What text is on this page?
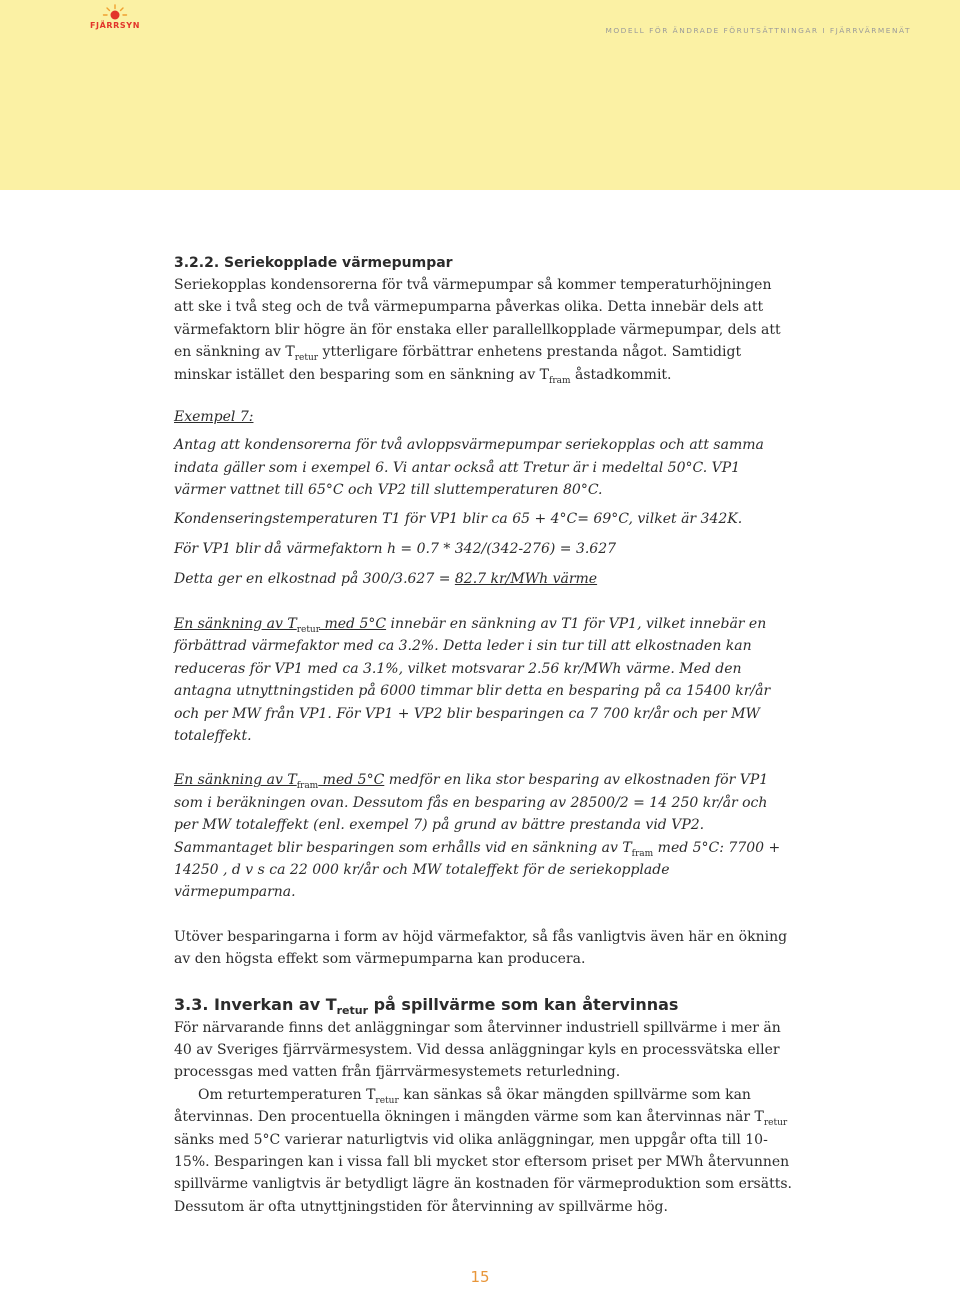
FJÄRRSYN
MODELL FÖR ÄNDRADE FÖRUTSÄTTNINGAR I FJÄRRVÄRMENÄT
3.2.2. Seriekopplade värmepumpar

Seriekopplas kondensorerna för två värmepumpar så kommer temperaturhöjningen att ske i två steg och de två värmepumparna påverkas olika. Detta innebär dels att värmefaktorn blir högre än för enstaka eller parallellkopplade värmepumpar, dels att en sänkning av $T_{retur}$ ytterligare förbättrar enhetens prestanda något. Samtidigt minskar istället den besparing som en sänkning av $T_{fram}$ åstadkommit.

Exempel 7:

Antag att kondensorerna för två avloppsvärmepumpar seriekopplas och att samma indata gäller som i exempel 6. Vi antar också att Tretur är i medeltal 50°C. VP1 värmer vattnet till 65°C och VP2 till sluttemperaturen 80°C.

Kondenseringstemperaturen T1 för VP1 blir ca 65 + 4°C= 69°C, vilket är 342K.

För VP1 blir då värmefaktorn h = 0.7 * 342/(342-276) = 3.627

Detta ger en elkostnad på 300/3.627 = 82.7 kr/MWh värme

En sänkning av $T_{retur}$ med 5°C innebär en sänkning av T1 för VP1, vilket innebär en förbättrad värmefaktor med ca 3.2%. Detta leder i sin tur till att elkostnaden kan reduceras för VP1 med ca 3.1%, vilket motsvarar 2.56 kr/MWh värme. Med den antagna utnyttningstiden på 6000 timmar blir detta en besparing på ca 15400 kr/år och per MW från VP1. För VP1 + VP2 blir besparingen ca 7 700 kr/år och per MW totaleffekt.

En sänkning av $T_{fram}$ med 5°C medför en lika stor besparing av elkostnaden för VP1 som i beräkningen ovan. Dessutom fås en besparing av 28500/2 = 14 250 kr/år och per MW totaleffekt (enl. exempel 7) på grund av bättre prestanda vid VP2. Sammantaget blir besparingen som erhålls vid en sänkning av $T_{fram}$ med 5°C: 7700 + 14250 , d v s ca 22 000 kr/år och MW totaleffekt för de seriekopplade värmepumparna.

Utöver besparingarna i form av höjd värmefaktor, så fås vanligtvis även här en ökning av den högsta effekt som värmepumparna kan producera.

3.3. Inverkan av $T_{retur}$ på spillvärme som kan återvinnas

För närvarande finns det anläggningar som återvinner industriell spillvärme i mer än 40 av Sveriges fjärrvärmesystem. Vid dessa anläggningar kyls en processvätska eller processgas med vatten från fjärrvärmesystemets returledning.

Om returtemperaturen $T_{retur}$ kan sänkas så ökar mängden spillvärme som kan återvinnas. Den procentuella ökningen i mängden värme som kan återvinnas när $T_{retur}$ sänks med 5°C varierar naturligtvis vid olika anläggningar, men uppgår ofta till 10-15%. Besparingen kan i vissa fall bli mycket stor eftersom priset per MWh återvunnen spillvärme vanligtvis är betydligt lägre än kostnaden för värmeproduktion som ersätts. Dessutom är ofta utnyttjningstiden för återvinning av spillvärme hög.

15
